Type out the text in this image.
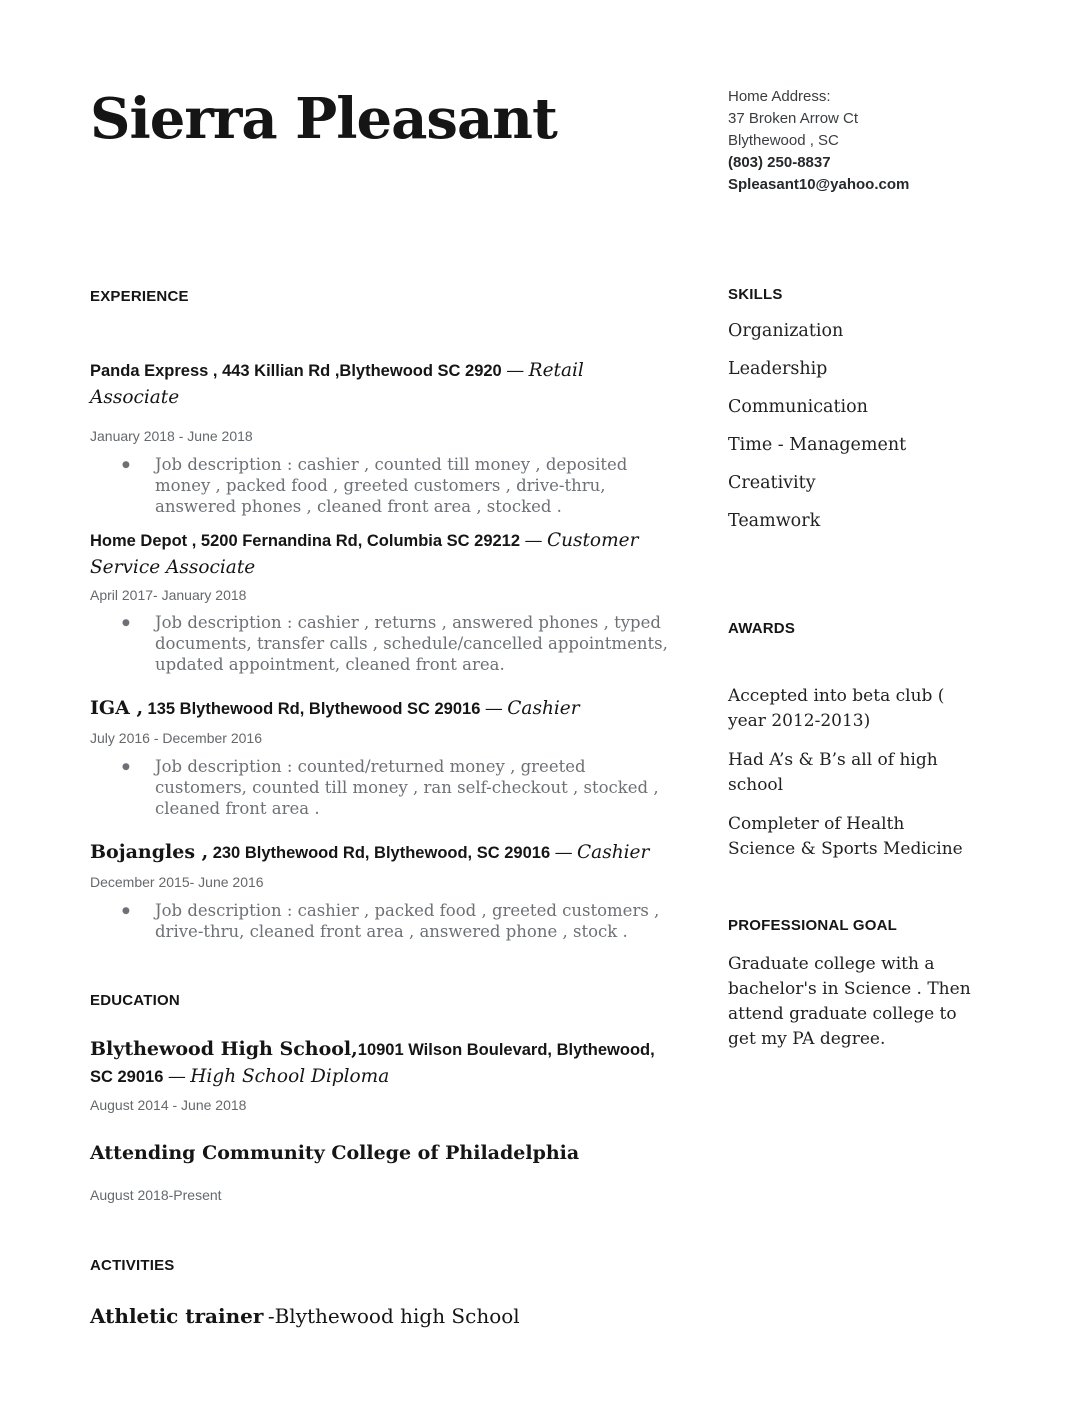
Sierra Pleasant
EXPERIENCE
Panda Express , 443 Killian Rd ,Blythewood SC 2920 — Retail Associate
January 2018 - June 2018
● Job description : cashier , counted till money , deposited money , packed food , greeted customers , drive-thru, answered phones , cleaned front area , stocked .
Home Depot , 5200 Fernandina Rd, Columbia SC 29212 — Customer Service Associate
April 2017- January 2018
● Job description : cashier , returns , answered phones , typed documents, transfer calls , schedule/cancelled appointments, updated appointment, cleaned front area.
IGA , 135 Blythewood Rd, Blythewood SC 29016 — Cashier
July 2016 - December 2016
● Job description : counted/returned money , greeted customers, counted till money , ran self-checkout , stocked , cleaned front area .
Bojangles , 230 Blythewood Rd, Blythewood, SC 29016 — Cashier
December 2015- June 2016
● Job description : cashier , packed food , greeted customers , drive-thru, cleaned front area , answered phone , stock .
EDUCATION
Blythewood High School,10901 Wilson Boulevard, Blythewood, SC 29016 — High School Diploma
August 2014 - June 2018
Attending Community College of Philadelphia
August 2018-Present
ACTIVITIES
Athletic trainer -Blythewood high School
Home Address:
37 Broken Arrow Ct
Blythewood , SC
(803) 250-8837
Spleasant10@yahoo.com
SKILLS
Organization
Leadership
Communication
Time - Management
Creativity
Teamwork
AWARDS

Accepted into beta club ( year 2012-2013)

Had A’s & B’s all of high school

Completer of Health Science & Sports Medicine

PROFESSIONAL GOAL

Graduate college with a bachelor's in Science . Then attend graduate college to get my PA degree.
